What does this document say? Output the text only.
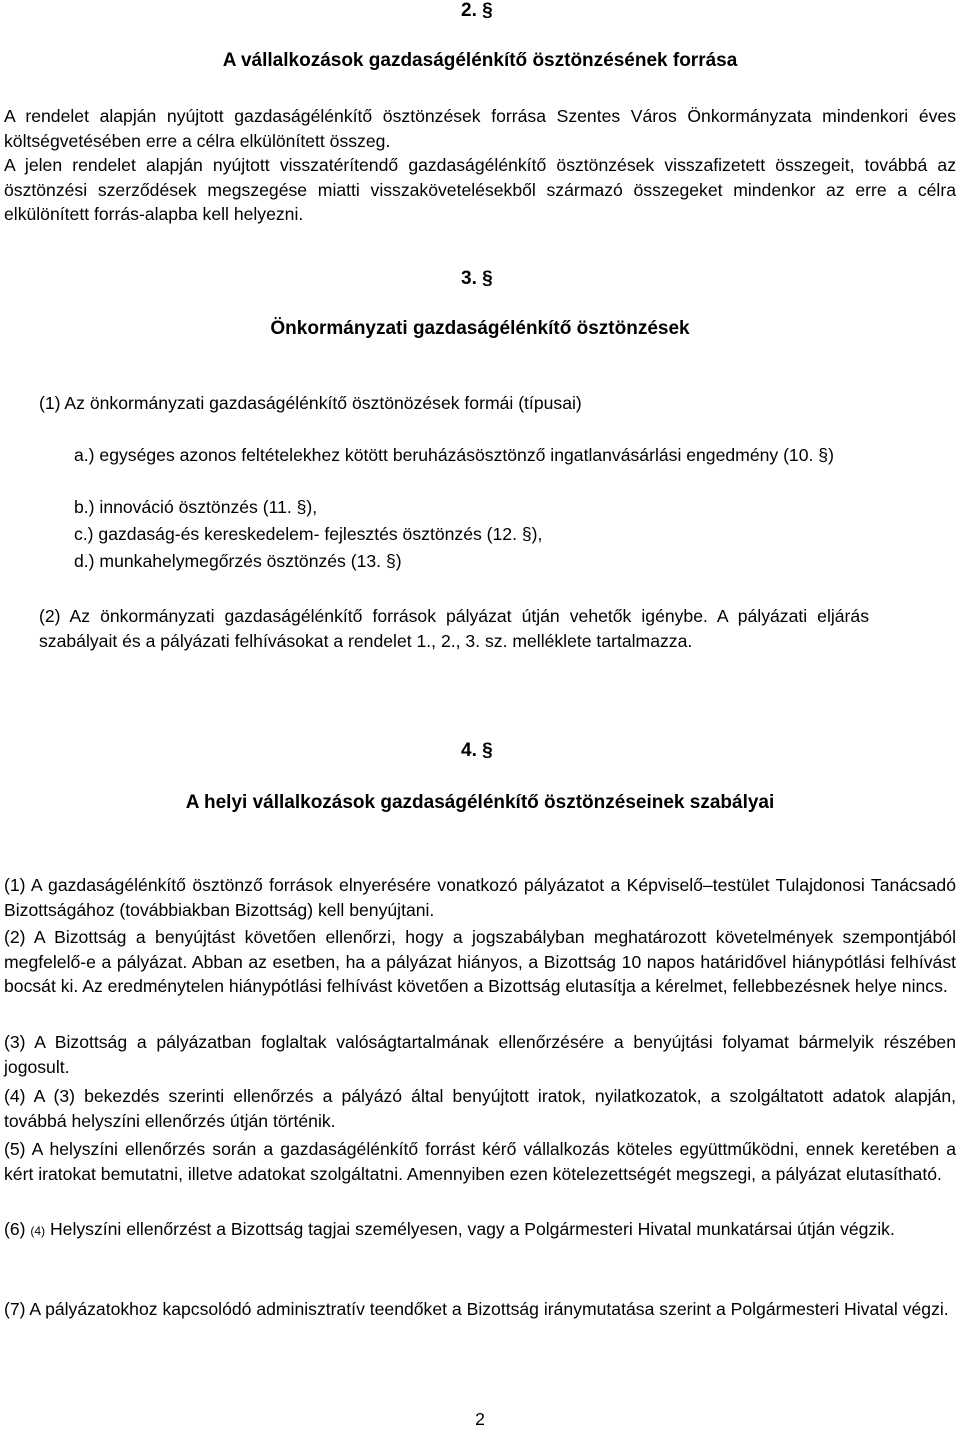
2. §
A vállalkozások gazdaságélénkítő ösztönzésének forrása
A rendelet alapján nyújtott gazdaságélénkítő ösztönzések forrása Szentes Város Önkormányzata mindenkori éves költségvetésében erre a célra elkülönített összeg.
A jelen rendelet alapján nyújtott visszatérítendő gazdaságélénkítő ösztönzések visszafizetett összegeit, továbbá az ösztönzési szerződések megszegése miatti visszakövetelésekből származó összegeket mindenkor az erre a célra elkülönített forrás-alapba kell helyezni.
3. §
Önkormányzati gazdaságélénkítő ösztönzések
(1) Az önkormányzati gazdaságélénkítő ösztönözések formái (típusai)
a.) egységes azonos feltételekhez kötött beruházásösztönző ingatlanvásárlási engedmény (10. §)
b.) innováció ösztönzés (11. §),
c.) gazdaság-és kereskedelem- fejlesztés ösztönzés (12. §),
d.) munkahelymegőrzés ösztönzés (13. §)
(2) Az önkormányzati gazdaságélénkítő források pályázat útján vehetők igénybe. A pályázati eljárás szabályait és a pályázati felhívásokat a rendelet 1., 2., 3. sz. melléklete tartalmazza.
4. §
A helyi vállalkozások gazdaságélénkítő ösztönzéseinek szabályai
(1) A gazdaságélénkítő ösztönző források elnyerésére vonatkozó pályázatot a Képviselő–testület Tulajdonosi Tanácsadó Bizottságához (továbbiakban Bizottság) kell benyújtani.
(2) A Bizottság a benyújtást követően ellenőrzi, hogy a jogszabályban meghatározott követelmények szempontjából megfelelő-e a pályázat. Abban az esetben, ha a pályázat hiányos, a Bizottság 10 napos határidővel hiánypótlási felhívást bocsát ki. Az eredménytelen hiánypótlási felhívást követően a Bizottság elutasítja a kérelmet, fellebbezésnek helye nincs.
(3) A Bizottság a pályázatban foglaltak valóságtartalmának ellenőrzésére a benyújtási folyamat bármelyik részében jogosult.
(4) A (3) bekezdés szerinti ellenőrzés a pályázó által benyújtott iratok, nyilatkozatok, a szolgáltatott adatok alapján, továbbá helyszíni ellenőrzés útján történik.
(5) A helyszíni ellenőrzés során a gazdaságélénkítő forrást kérő vállalkozás köteles együttműködni, ennek keretében a kért iratokat bemutatni, illetve adatokat szolgáltatni. Amennyiben ezen kötelezettségét megszegi, a pályázat elutasítható.
(6) (4) Helyszíni ellenőrzést a Bizottság tagjai személyesen, vagy a Polgármesteri Hivatal munkatársai útján végzik.
(7) A pályázatokhoz kapcsolódó adminisztratív teendőket a Bizottság iránymutatása szerint a Polgármesteri Hivatal végzi.
2
